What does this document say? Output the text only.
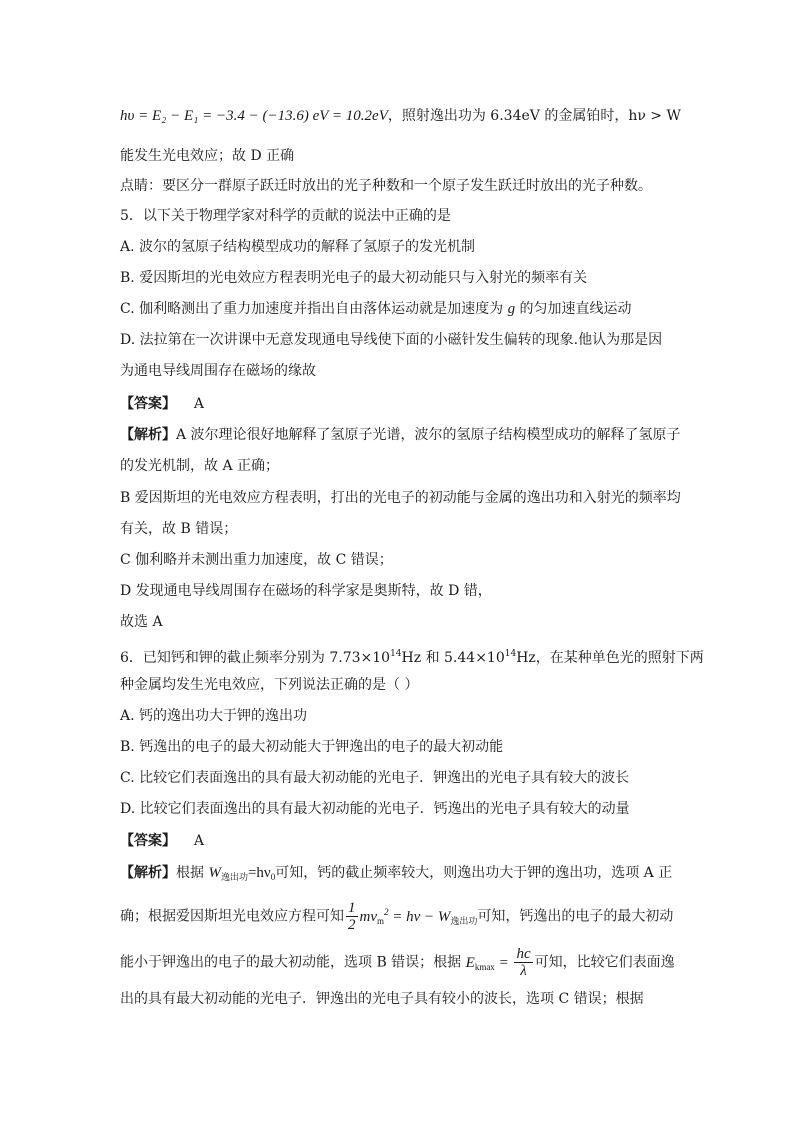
hυ = E₂ − E₁ = −3.4 − (−13.6) eV = 10.2eV，照射逸出功为 6.34eV 的金属铂时，hν > W
能发生光电效应；故 D 正确
点睛：要区分一群原子跃迁时放出的光子种数和一个原子发生跃迁时放出的光子种数。
5．以下关于物理学家对科学的贡献的说法中正确的是
A. 波尔的氢原子结构模型成功的解释了氢原子的发光机制
B. 爱因斯坦的光电效应方程表明光电子的最大初动能只与入射光的频率有关
C. 伽利略测出了重力加速度并指出自由落体运动就是加速度为 g 的匀加速直线运动
D. 法拉第在一次讲课中无意发现通电导线使下面的小磁针发生偏转的现象.他认为那是因
为通电导线周围存在磁场的缘故
【答案】 A
【解析】A 波尔理论很好地解释了氢原子光谱，波尔的氢原子结构模型成功的解释了氢原子
的发光机制，故 A 正确；
B 爱因斯坦的光电效应方程表明，打出的光电子的初动能与金属的逸出功和入射光的频率均
有关，故 B 错误；
C 伽利略并未测出重力加速度，故 C 错误；
D 发现通电导线周围存在磁场的科学家是奥斯特，故 D 错，
故选 A
6．已知钙和钾的截止频率分别为 $7.73\times 10^{14}Hz$ 和 $5.44\times 10^{14}Hz$，在某种单色光的照射下两
种金属均发生光电效应，下列说法正确的是（ ）
A. 钙的逸出功大于钾的逸出功
B. 钙逸出的电子的最大初动能大于钾逸出的电子的最大初动能
C. 比较它们表面逸出的具有最大初动能的光电子．钾逸出的光电子具有较大的波长
D. 比较它们表面逸出的具有最大初动能的光电子．钙逸出的光电子具有较大的动量
【答案】 A
【解析】根据 $W_{逸出功}=h\nu_0$可知，钙的截止频率较大，则逸出功大于钾的逸出功，选项 A 正
确；根据爱因斯坦光电效应方程可知 $\frac{1}{2} mv_m^2 = h\nu - W_{逸出功}$可知，钙逸出的电子的最大初动
能小于钾逸出的电子的最大初动能，选项 B 错误；根据 $E_{kmax} = \frac{hc}{\lambda}$ 可知，比较它们表面逸
出的具有最大初动能的光电子．钾逸出的光电子具有较小的波长，选项 C 错误；根据
